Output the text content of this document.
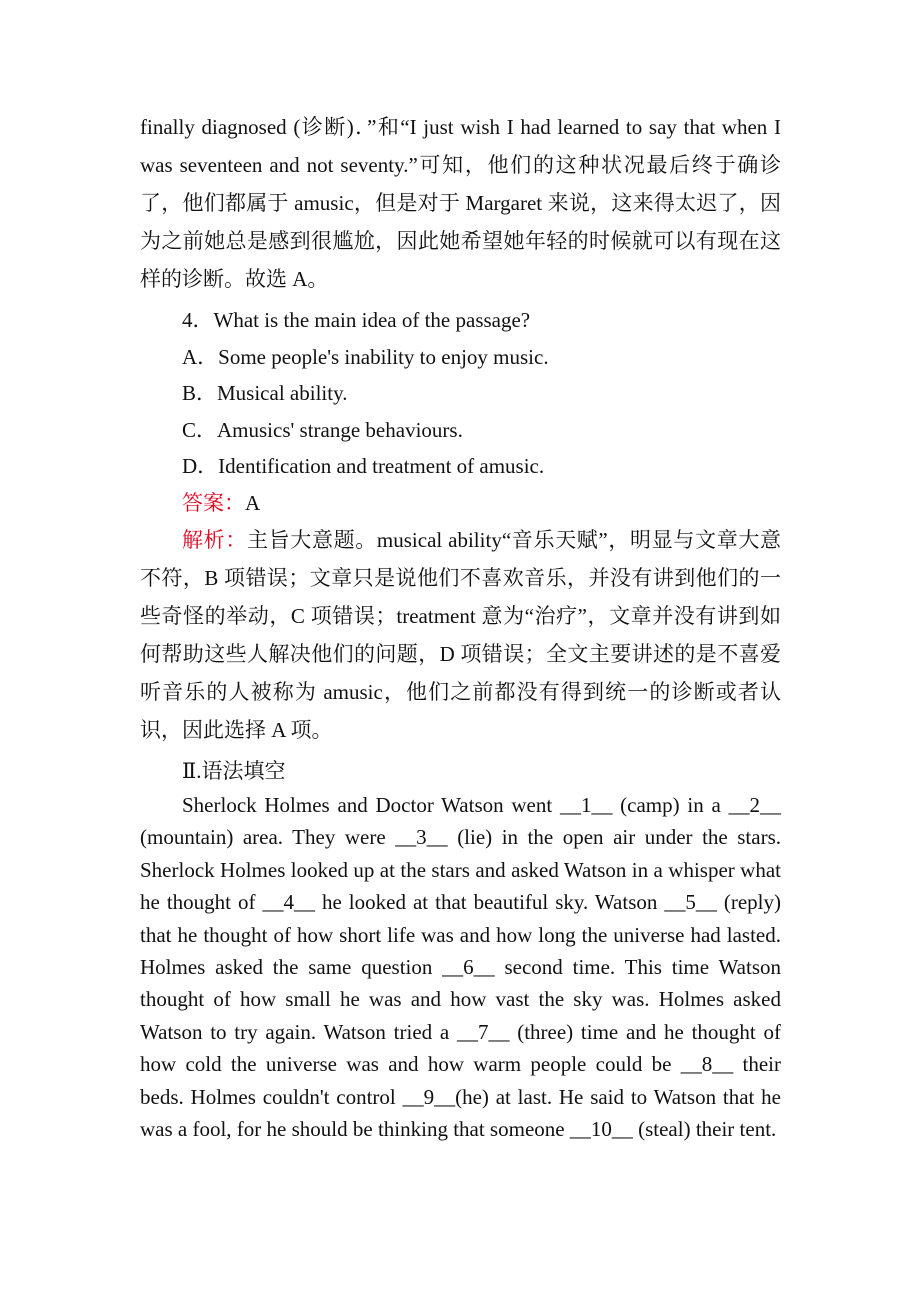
finally diagnosed (诊断)．”和“I just wish I had learned to say that when I was seventeen and not seventy.”可知，他们的这种状况最后终于确诊了，他们都属于 amusic，但是对于 Margaret 来说，这来得太迟了，因为之前她总是感到很尴尬，因此她希望她年轻的时候就可以有现在这样的诊断。故选 A。

4．What is the main idea of the passage?

A．Some people's inability to enjoy music.

B．Musical ability.

C．Amusics' strange behaviours.

D．Identification and treatment of amusic.

答案：A

解析：主旨大意题。musical ability“音乐天赋”，明显与文章大意不符，B 项错误；文章只是说他们不喜欢音乐，并没有讲到他们的一些奇怪的举动，C 项错误；treatment 意为“治疗”，文章并没有讲到如何帮助这些人解决他们的问题，D 项错误；全文主要讲述的是不喜爱听音乐的人被称为 amusic，他们之前都没有得到统一的诊断或者认识，因此选择 A 项。

Ⅱ.语法填空

Sherlock Holmes and Doctor Watson went __1__ (camp) in a __2__ (mountain) area. They were __3__ (lie) in the open air under the stars. Sherlock Holmes looked up at the stars and asked Watson in a whisper what he thought of __4__ he looked at that beautiful sky. Watson __5__ (reply) that he thought of how short life was and how long the universe had lasted. Holmes asked the same question __6__ second time. This time Watson thought of how small he was and how vast the sky was. Holmes asked Watson to try again. Watson tried a __7__ (three) time and he thought of how cold the universe was and how warm people could be __8__ their beds. Holmes couldn't control __9__(he) at last. He said to Watson that he was a fool, for he should be thinking that someone __10__ (steal) their tent.
